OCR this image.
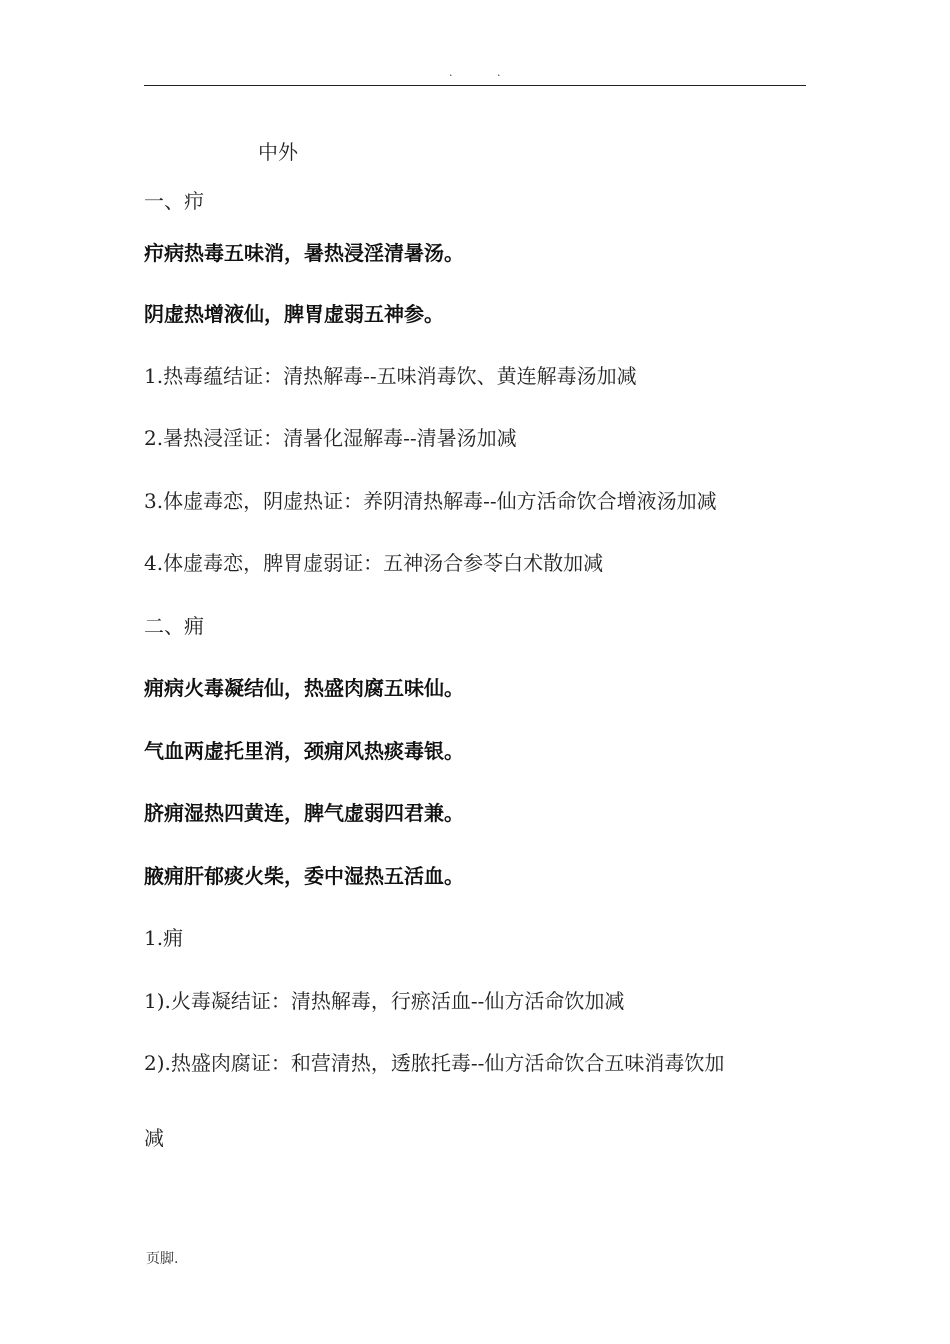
.	.
中外
一、疖
疖病热毒五味消，暑热浸淫清暑汤。
阴虚热增液仙，脾胃虚弱五神参。
1.热毒蕴结证：清热解毒--五味消毒饮、黄连解毒汤加减
2.暑热浸淫证：清暑化湿解毒--清暑汤加减
3.体虚毒恋，阴虚热证：养阴清热解毒--仙方活命饮合增液汤加减
4.体虚毒恋，脾胃虚弱证：五神汤合参苓白术散加减
二、痈
痈病火毒凝结仙，热盛肉腐五味仙。
气血两虚托里消，颈痈风热痰毒银。
脐痈湿热四黄连，脾气虚弱四君兼。
腋痈肝郁痰火柴，委中湿热五活血。
1.痈
1).火毒凝结证：清热解毒，行瘀活血--仙方活命饮加减
2).热盛肉腐证：和营清热，透脓托毒--仙方活命饮合五味消毒饮加
减
页脚.
